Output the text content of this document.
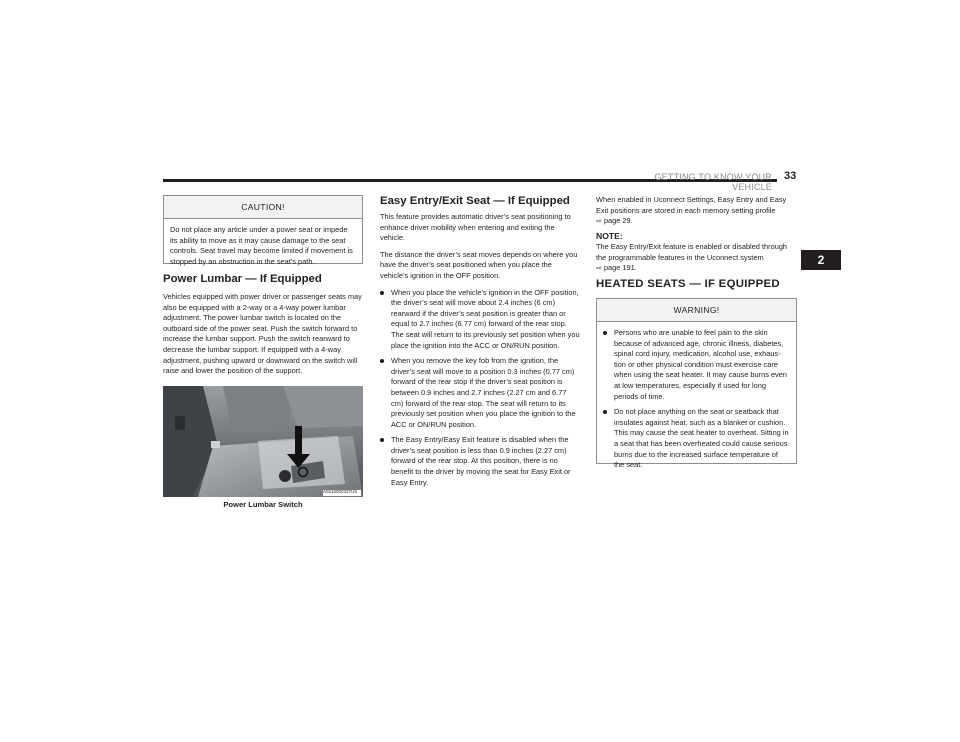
GETTING TO KNOW YOUR VEHICLE
33
2
CAUTION!
Do not place any article under a power seat or impede its ability to move as it may cause damage to the seat controls. Seat travel may become limited if movement is stopped by an obstruction in the seat’s path.
Power Lumbar — If Equipped
Vehicles equipped with power driver or passenger seats may also be equipped with a 2-way or a 4-way power lumbar adjustment. The power lumbar switch is located on the outboard side of the power seat. Push the switch forward to increase the lumbar support. Push the switch rearward to decrease the lumbar support. If equipped with a 4-way adjustment, pushing upward or downward on the switch will raise and lower the position of the support.
A0216000337US
Power Lumbar Switch
Easy Entry/Exit Seat — If Equipped

This feature provides automatic driver’s seat positioning to enhance driver mobility when entering and exiting the vehicle.

The distance the driver’s seat moves depends on where you have the driver’s seat positioned when you place the vehicle’s ignition in the OFF position.

When you place the vehicle’s ignition in the OFF position, the driver’s seat will move about 2.4 inches (6 cm) rearward if the driver’s seat position is greater than or equal to 2.7 inches (6.77 cm) forward of the rear stop. The seat will return to its previously set position when you place the ignition into the ACC or ON/RUN position.
When you remove the key fob from the ignition, the driver’s seat will move to a position 0.3 inches (0.77 cm) forward of the rear stop if the driver’s seat position is between 0.9 inches and 2.7 inches (2.27 cm and 6.77 cm) forward of the rear stop. The seat will return to its previously set position when you place the ignition to the ACC or ON/RUN position.
The Easy Entry/Easy Exit feature is disabled when the driver’s seat position is less than 0.9 inches (2.27 cm) forward of the rear stop. At this position, there is no benefit to the driver by moving the seat for Easy Exit or Easy Entry.
When enabled in Uconnect Settings, Easy Entry and Easy Exit positions are stored in each memory setting profile
⇨ page 29.
NOTE:
The Easy Entry/Exit feature is enabled or disabled through the programmable features in the Uconnect system
⇨ page 191.
HEATED SEATS — IF EQUIPPED
WARNING!
Persons who are unable to feel pain to the skin because of advanced age, chronic illness, diabetes, spinal cord injury, medication, alcohol use, exhaus- tion or other physical condition must exercise care when using the seat heater. It may cause burns even at low temperatures, especially if used for long periods of time.
Do not place anything on the seat or seatback that insulates against heat, such as a blanket or cushion. This may cause the seat heater to overheat. Sitting in a seat that has been overheated could cause serious burns due to the increased surface temperature of the seat.
